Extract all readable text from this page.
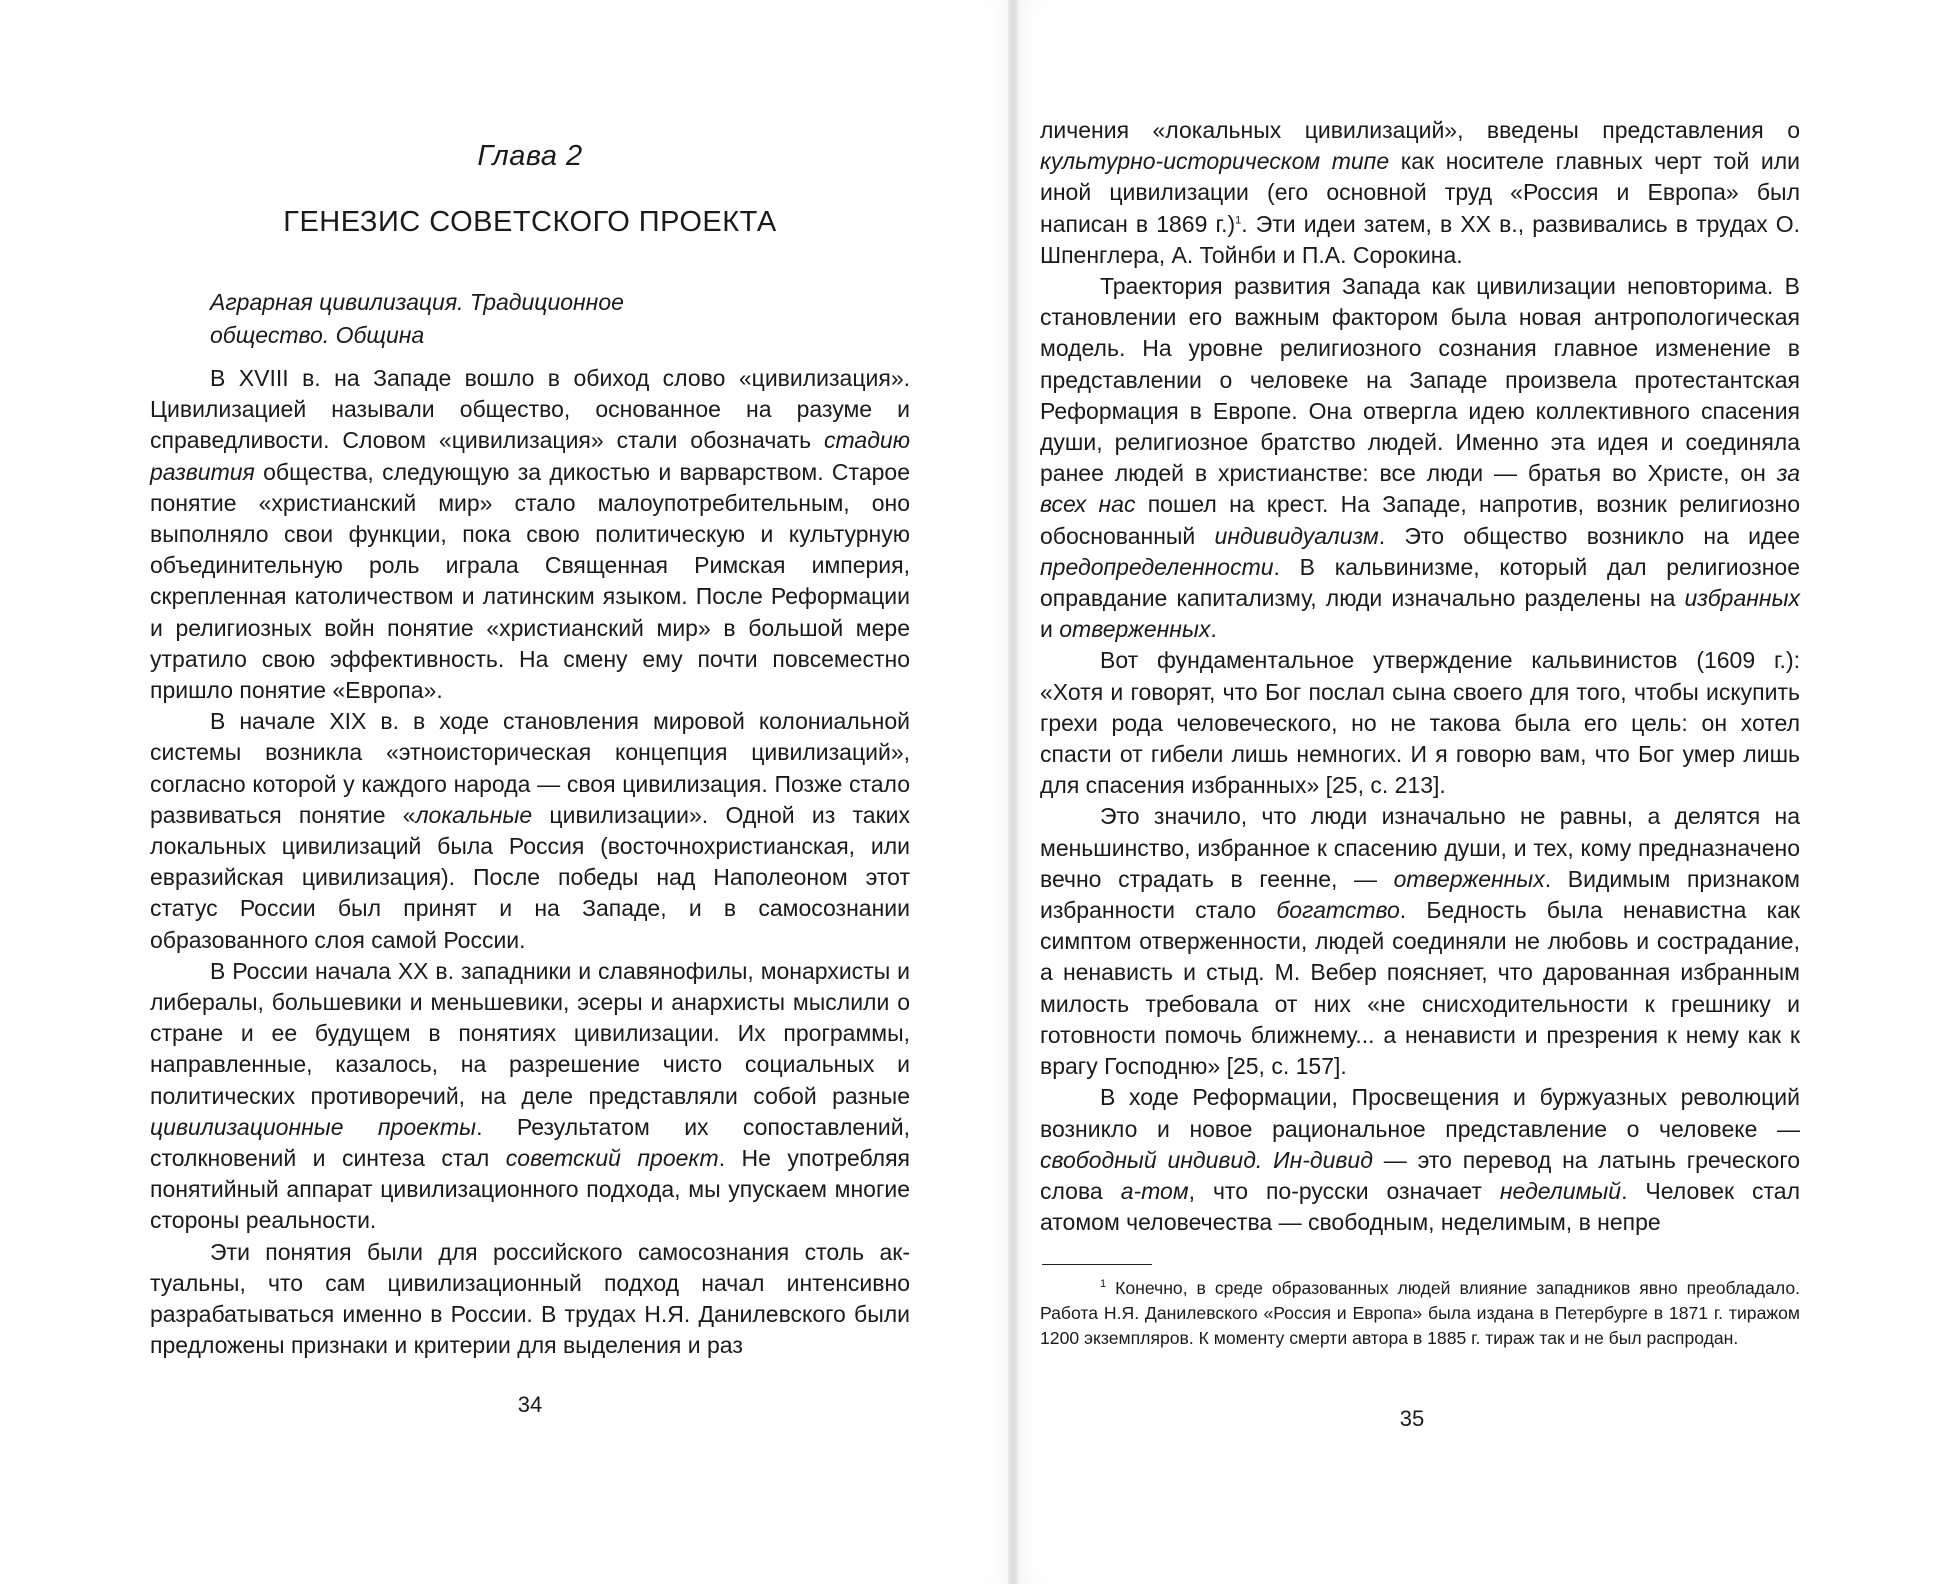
Глава 2
ГЕНЕЗИС СОВЕТСКОГО ПРОЕКТА
Аграрная цивилизация. Традиционное
общество. Община

В XVIII в. на Западе вошло в обиход слово «цивилизация». Цивилизацией называли общество, основанное на разуме и справедливости. Словом «цивилизация» стали обозначать стадию развития общества, следующую за дикостью и варварством. Старое понятие «христианский мир» стало малоупотребительным, оно выполняло свои функции, пока свою политическую и культурную объединительную роль играла Священная Римская империя, скрепленная католичеством и латинским языком. После Реформации и религиозных войн понятие «христианский мир» в большой мере утратило свою эффективность. На смену ему почти повсеместно пришло понятие «Европа».

В начале XIX в. в ходе становления мировой колониальной системы возникла «этноисторическая концепция цивилизаций», согласно которой у каждого народа — своя цивилизация. Позже стало развиваться понятие «локальные цивилизации». Одной из таких локальных цивилизаций была Россия (восточнохристианская, или евразийская цивилизация). После победы над Наполеоном этот статус России был принят и на Западе, и в самосознании образованного слоя самой России.

В России начала XX в. западники и славянофилы, монархисты и либералы, большевики и меньшевики, эсеры и анархисты мыслили о стране и ее будущем в понятиях цивилизации. Их программы, направленные, казалось, на разрешение чисто социальных и политических противоречий, на деле представляли собой разные цивилизационные проекты. Результатом их сопоставлений, столкновений и синтеза стал советский проект. Не употребляя понятийный аппарат цивилизационного подхода, мы упускаем многие стороны реальности.

Эти понятия были для российского самосознания столь актуальны, что сам цивилизационный подход начал интенсивно разрабатываться именно в России. В трудах Н.Я. Данилевского были предложены признаки и критерии для выделения и раз

34

личения «локальных цивилизаций», введены представления о культурно-историческом типе как носителе главных черт той или иной цивилизации (его основной труд «Россия и Европа» был написан в 1869 г.)$^1$. Эти идеи затем, в XX в., развивались в трудах О. Шпенглера, А. Тойнби и П.А. Сорокина.

Траектория развития Запада как цивилизации неповторима. В становлении его важным фактором была новая антропологическая модель. На уровне религиозного сознания главное изменение в представлении о человеке на Западе произвела протестантская Реформация в Европе. Она отвергла идею коллективного спасения души, религиозное братство людей. Именно эта идея и соединяла ранее людей в христианстве: все люди — братья во Христе, он за всех нас пошел на крест. На Западе, напротив, возник религиозно обоснованный индивидуализм. Это общество возникло на идее предопределенности. В кальвинизме, который дал религиозное оправдание капитализму, люди изначально разделены на избранных и отверженных.

Вот фундаментальное утверждение кальвинистов (1609 г.): «Хотя и говорят, что Бог послал сына своего для того, чтобы искупить грехи рода человеческого, но не такова была его цель: он хотел спасти от гибели лишь немногих. И я говорю вам, что Бог умер лишь для спасения избранных» [25, с. 213].

Это значило, что люди изначально не равны, а делятся на меньшинство, избранное к спасению души, и тех, кому предназначено вечно страдать в геенне, — отверженных. Видимым признаком избранности стало богатство. Бедность была ненавистна как симптом отверженности, людей соединяли не любовь и сострадание, а ненависть и стыд. М. Вебер поясняет, что дарованная избранным милость требовала от них «не снисходительности к грешнику и готовности помочь ближнему... а ненависти и презрения к нему как к врагу Господню» [25, с. 157].

В ходе Реформации, Просвещения и буржуазных революций возникло и новое рациональное представление о человеке — свободный индивид. Ин-дивид — это перевод на латынь греческого слова а-том, что по-русски означает неделимый. Человек стал атомом человечества — свободным, неделимым, в непре

$^1$ Конечно, в среде образованных людей влияние западников явно преобладало. Работа Н.Я. Данилевского «Россия и Европа» была издана в Петербурге в 1871 г. тиражом 1200 экземпляров. К моменту смерти автора в 1885 г. тираж так и не был распродан.

35
